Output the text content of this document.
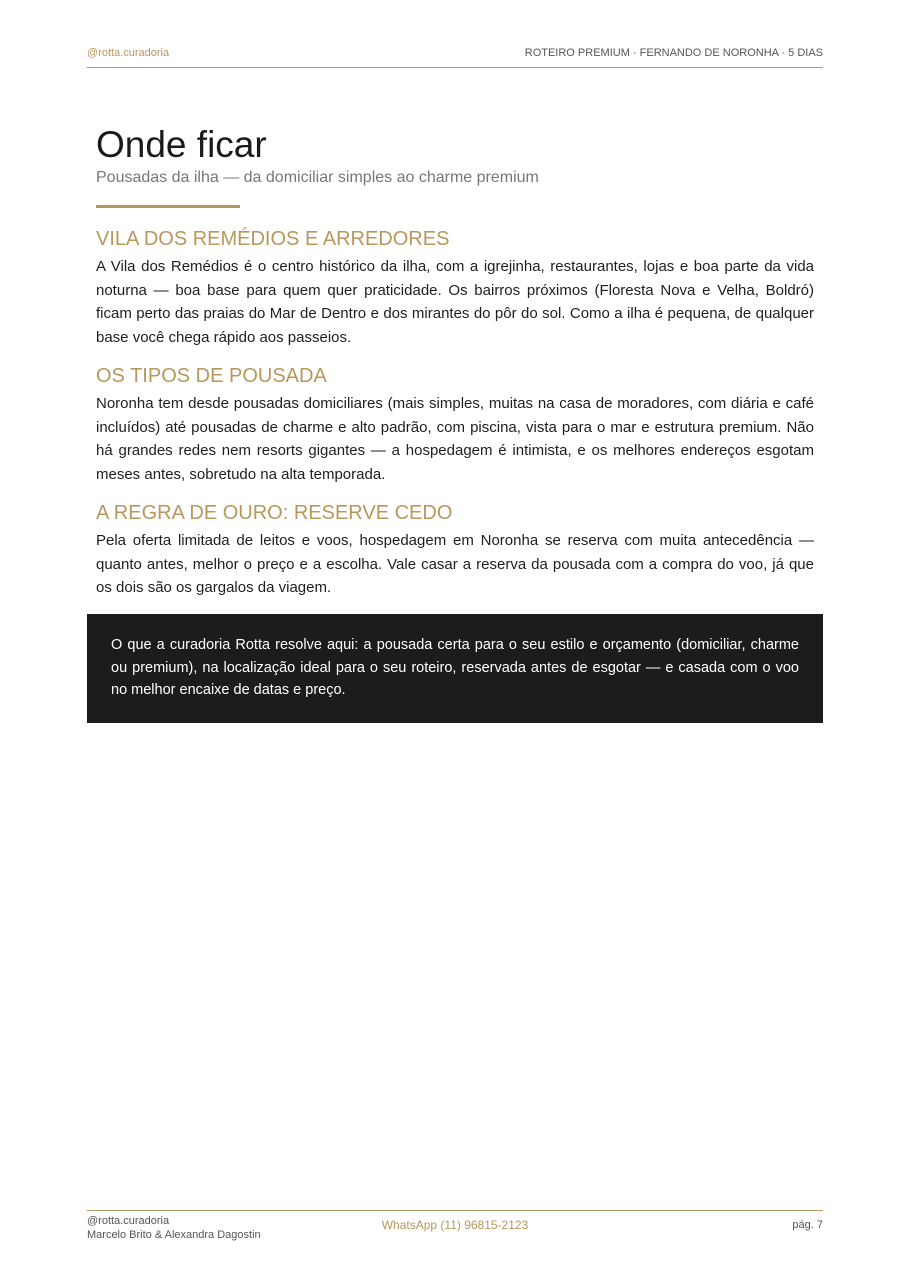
@rotta.curadoria	ROTEIRO PREMIUM · FERNANDO DE NORONHA · 5 DIAS
Onde ficar
Pousadas da ilha — da domiciliar simples ao charme premium
VILA DOS REMÉDIOS E ARREDORES
A Vila dos Remédios é o centro histórico da ilha, com a igrejinha, restaurantes, lojas e boa parte da vida noturna — boa base para quem quer praticidade. Os bairros próximos (Floresta Nova e Velha, Boldró) ficam perto das praias do Mar de Dentro e dos mirantes do pôr do sol. Como a ilha é pequena, de qualquer base você chega rápido aos passeios.
OS TIPOS DE POUSADA
Noronha tem desde pousadas domiciliares (mais simples, muitas na casa de moradores, com diária e café incluídos) até pousadas de charme e alto padrão, com piscina, vista para o mar e estrutura premium. Não há grandes redes nem resorts gigantes — a hospedagem é intimista, e os melhores endereços esgotam meses antes, sobretudo na alta temporada.
A REGRA DE OURO: RESERVE CEDO
Pela oferta limitada de leitos e voos, hospedagem em Noronha se reserva com muita antecedência — quanto antes, melhor o preço e a escolha. Vale casar a reserva da pousada com a compra do voo, já que os dois são os gargalos da viagem.
O que a curadoria Rotta resolve aqui: a pousada certa para o seu estilo e orçamento (domiciliar, charme ou premium), na localização ideal para o seu roteiro, reservada antes de esgotar — e casada com o voo no melhor encaixe de datas e preço.
@rotta.curadoria
Marcelo Brito & Alexandra Dagostin
WhatsApp (11) 96815-2123	pág. 7
